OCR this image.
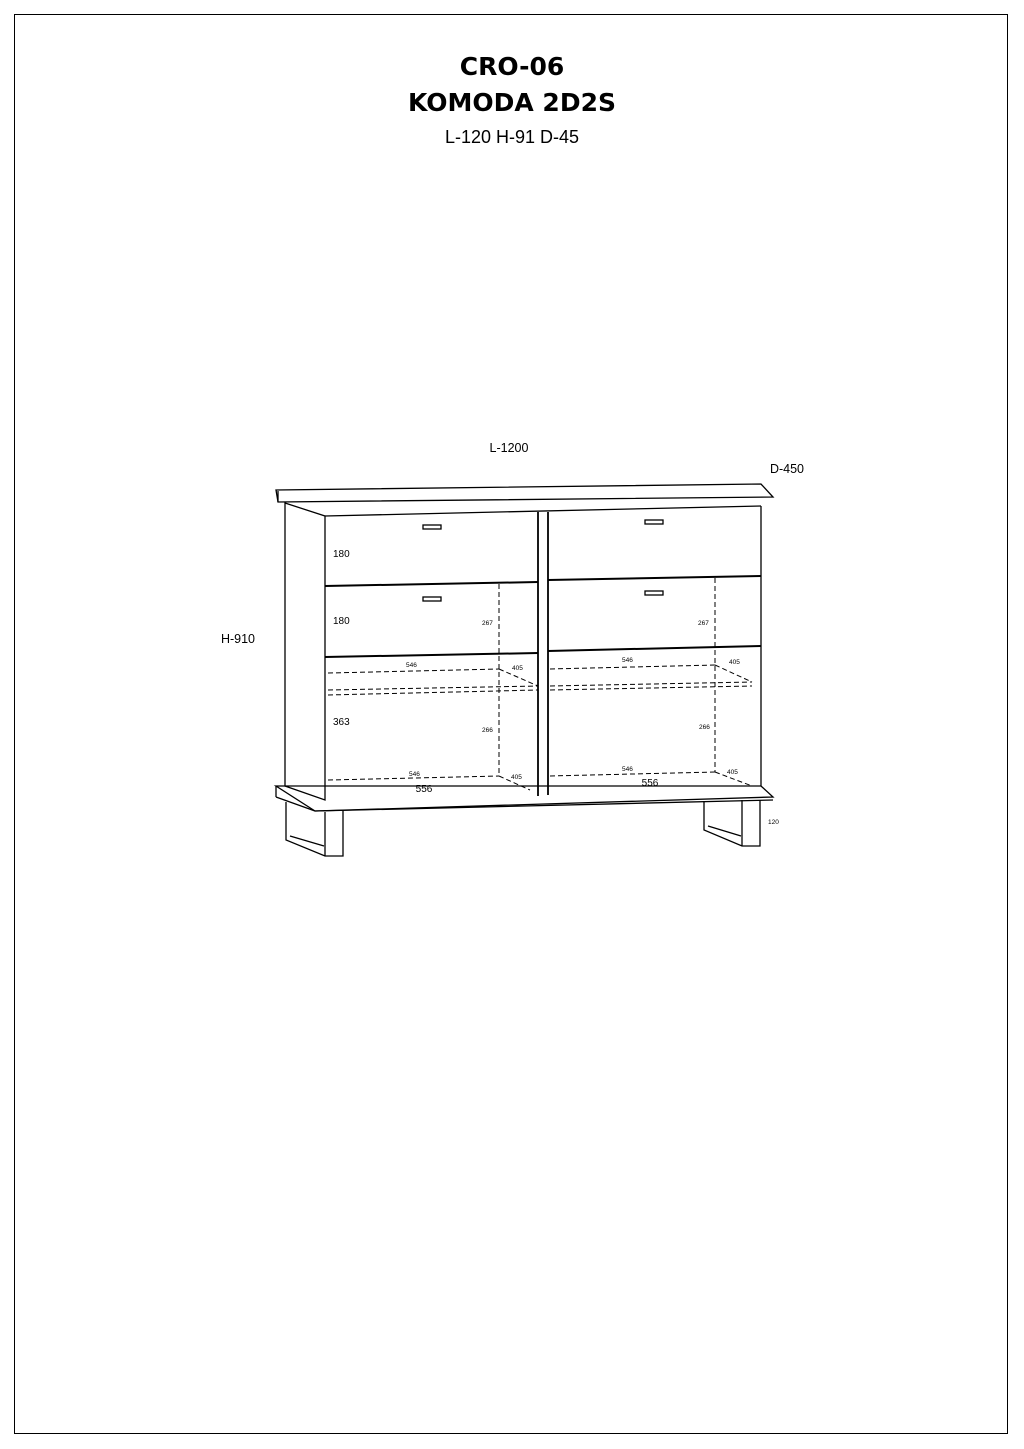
CRO-06
KOMODA 2D2S
L-120 H-91 D-45
L-1200
D-450
H-910
180
180
363
267
546	405
266
546	405
556
267
546	405
266
546	405
556
120
